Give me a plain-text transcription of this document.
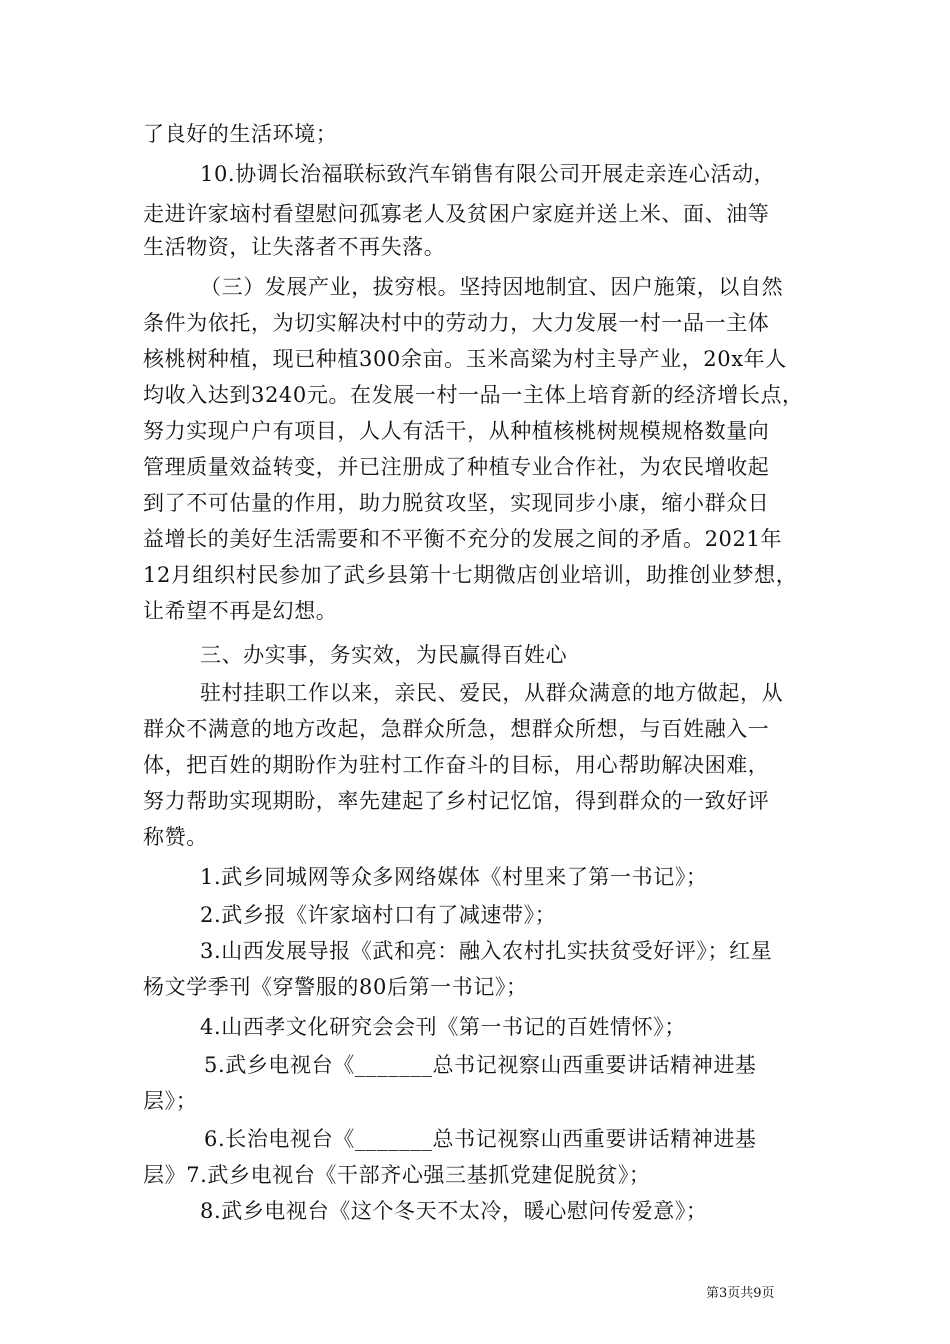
了良好的生活环境；
10.协调长治福联标致汽车销售有限公司开展走亲连心活动，
走进许家垴村看望慰问孤寡老人及贫困户家庭并送上米、面、油等
生活物资，让失落者不再失落。
（三）发展产业，拔穷根。坚持因地制宜、因户施策，以自然
条件为依托，为切实解决村中的劳动力，大力发展一村一品一主体
核桃树种植，现已种植300余亩。玉米高粱为村主导产业，20x年人
均收入达到3240元。在发展一村一品一主体上培育新的经济增长点，
努力实现户户有项目，人人有活干，从种植核桃树规模规格数量向
管理质量效益转变，并已注册成了种植专业合作社，为农民增收起
到了不可估量的作用，助力脱贫攻坚，实现同步小康，缩小群众日
益增长的美好生活需要和不平衡不充分的发展之间的矛盾。2021年
12月组织村民参加了武乡县第十七期微店创业培训，助推创业梦想，
让希望不再是幻想。
三、办实事，务实效，为民赢得百姓心
驻村挂职工作以来，亲民、爱民，从群众满意的地方做起，从
群众不满意的地方改起，急群众所急，想群众所想，与百姓融入一
体，把百姓的期盼作为驻村工作奋斗的目标，用心帮助解决困难，
努力帮助实现期盼，率先建起了乡村记忆馆，得到群众的一致好评
称赞。
1.武乡同城网等众多网络媒体《村里来了第一书记》；
2.武乡报《许家垴村口有了减速带》；
3.山西发展导报《武和亮：融入农村扎实扶贫受好评》；红星
杨文学季刊《穿警服的80后第一书记》；
4.山西孝文化研究会会刊《第一书记的百姓情怀》；
5.武乡电视台《_______总书记视察山西重要讲话精神进基
层》；
6.长治电视台《_______总书记视察山西重要讲话精神进基
层》7.武乡电视台《干部齐心强三基抓党建促脱贫》；
8.武乡电视台《这个冬天不太冷，暖心慰问传爱意》；
第3页共9页
